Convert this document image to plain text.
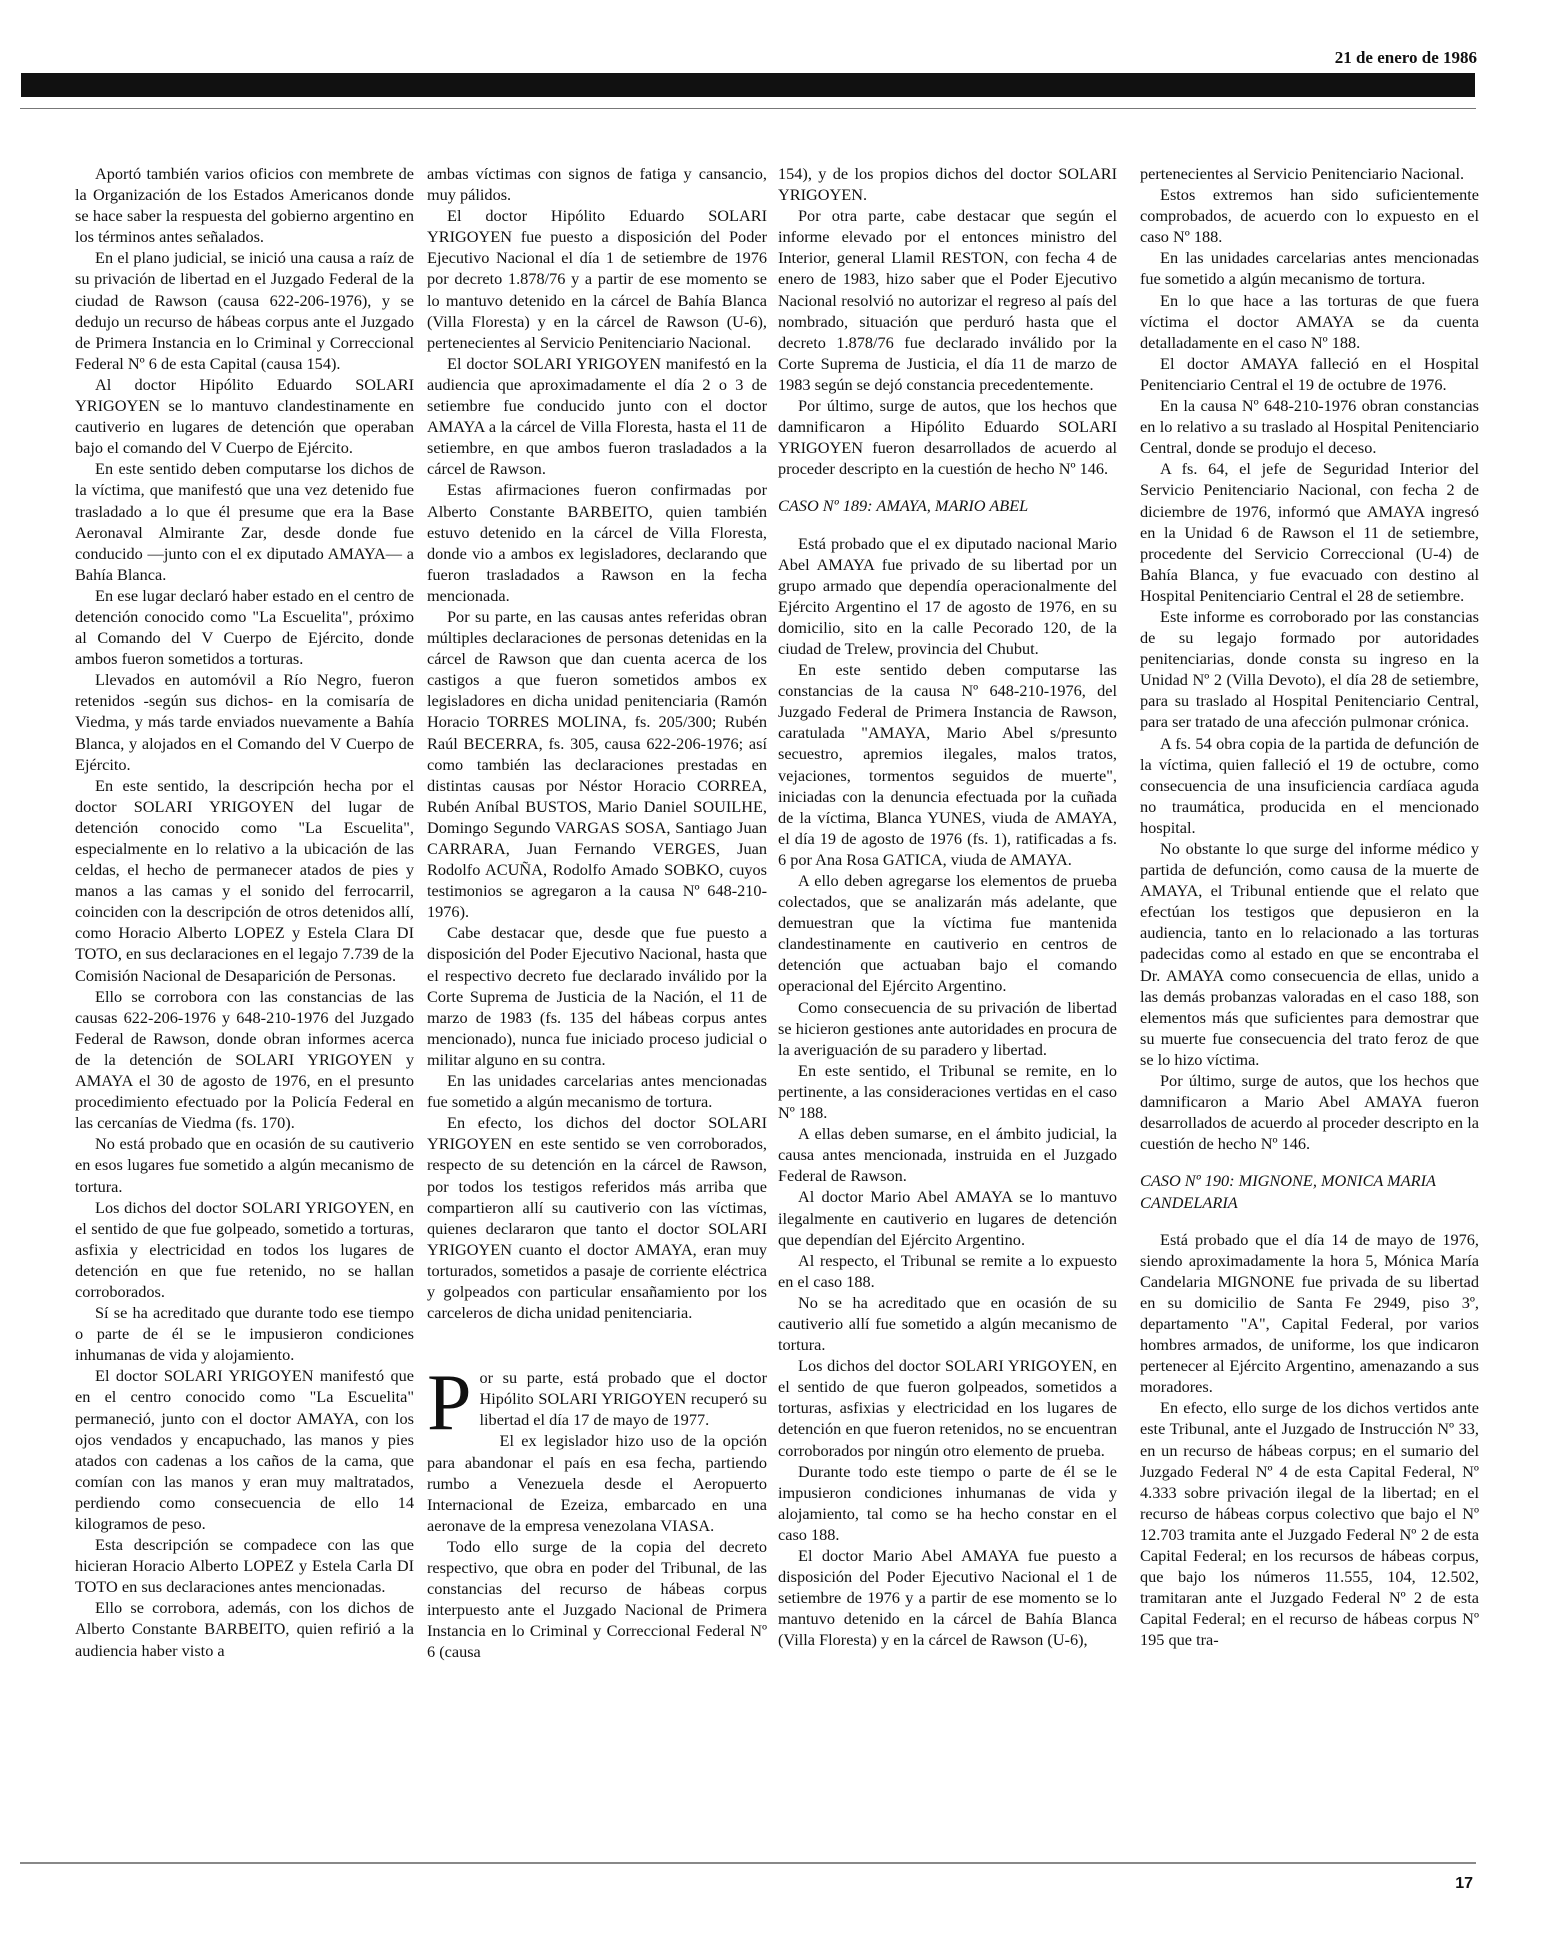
21 de enero de 1986

Aportó también varios oficios con membrete de la Organización de los Estados Americanos donde se hace saber la respuesta del gobierno argentino en los términos antes señalados.

En el plano judicial, se inició una causa a raíz de su privación de libertad en el Juzgado Federal de la ciudad de Rawson (causa 622-206-1976), y se dedujo un recurso de hábeas corpus ante el Juzgado de Primera Instancia en lo Criminal y Correccional Federal Nº 6 de esta Capital (causa 154).

Al doctor Hipólito Eduardo SOLARI YRIGOYEN se lo mantuvo clandestinamente en cautiverio en lugares de detención que operaban bajo el comando del V Cuerpo de Ejército.

En este sentido deben computarse los dichos de la víctima, que manifestó que una vez detenido fue trasladado a lo que él presume que era la Base Aeronaval Almirante Zar, desde donde fue conducido —junto con el ex diputado AMAYA— a Bahía Blanca.

En ese lugar declaró haber estado en el centro de detención conocido como "La Escuelita", próximo al Comando del V Cuerpo de Ejército, donde ambos fueron sometidos a torturas.

Llevados en automóvil a Río Negro, fueron retenidos -según sus dichos- en la comisaría de Viedma, y más tarde enviados nuevamente a Bahía Blanca, y alojados en el Comando del V Cuerpo de Ejército.

En este sentido, la descripción hecha por el doctor SOLARI YRIGOYEN del lugar de detención conocido como "La Escuelita", especialmente en lo relativo a la ubicación de las celdas, el hecho de permanecer atados de pies y manos a las camas y el sonido del ferrocarril, coinciden con la descripción de otros detenidos allí, como Horacio Alberto LOPEZ y Estela Clara DI TOTO, en sus declaraciones en el legajo 7.739 de la Comisión Nacional de Desaparición de Personas.

Ello se corrobora con las constancias de las causas 622-206-1976 y 648-210-1976 del Juzgado Federal de Rawson, donde obran informes acerca de la detención de SOLARI YRIGOYEN y AMAYA el 30 de agosto de 1976, en el presunto procedimiento efectuado por la Policía Federal en las cercanías de Viedma (fs. 170).

No está probado que en ocasión de su cautiverio en esos lugares fue sometido a algún mecanismo de tortura.

Los dichos del doctor SOLARI YRIGOYEN, en el sentido de que fue golpeado, sometido a torturas, asfixia y electricidad en todos los lugares de detención en que fue retenido, no se hallan corroborados.

Sí se ha acreditado que durante todo ese tiempo o parte de él se le impusieron condiciones inhumanas de vida y alojamiento.

El doctor SOLARI YRIGOYEN manifestó que en el centro conocido como "La Escuelita" permaneció, junto con el doctor AMAYA, con los ojos vendados y encapuchado, las manos y pies atados con cadenas a los caños de la cama, que comían con las manos y eran muy maltratados, perdiendo como consecuencia de ello 14 kilogramos de peso.

Esta descripción se compadece con las que hicieran Horacio Alberto LOPEZ y Estela Carla DI TOTO en sus declaraciones antes mencionadas.

Ello se corrobora, además, con los dichos de Alberto Constante BARBEITO, quien refirió a la audiencia haber visto a

ambas víctimas con signos de fatiga y cansancio, muy pálidos.

El doctor Hipólito Eduardo SOLARI YRIGOYEN fue puesto a disposición del Poder Ejecutivo Nacional el día 1 de setiembre de 1976 por decreto 1.878/76 y a partir de ese momento se lo mantuvo detenido en la cárcel de Bahía Blanca (Villa Floresta) y en la cárcel de Rawson (U-6), pertenecientes al Servicio Penitenciario Nacional.

El doctor SOLARI YRIGOYEN manifestó en la audiencia que aproximadamente el día 2 o 3 de setiembre fue conducido junto con el doctor AMAYA a la cárcel de Villa Floresta, hasta el 11 de setiembre, en que ambos fueron trasladados a la cárcel de Rawson.

Estas afirmaciones fueron confirmadas por Alberto Constante BARBEITO, quien también estuvo detenido en la cárcel de Villa Floresta, donde vio a ambos ex legisladores, declarando que fueron trasladados a Rawson en la fecha mencionada.

Por su parte, en las causas antes referidas obran múltiples declaraciones de personas detenidas en la cárcel de Rawson que dan cuenta acerca de los castigos a que fueron sometidos ambos ex legisladores en dicha unidad penitenciaria (Ramón Horacio TORRES MOLINA, fs. 205/300; Rubén Raúl BECERRA, fs. 305, causa 622-206-1976; así como también las declaraciones prestadas en distintas causas por Néstor Horacio CORREA, Rubén Aníbal BUSTOS, Mario Daniel SOUILHE, Domingo Segundo VARGAS SOSA, Santiago Juan CARRARA, Juan Fernando VERGES, Juan Rodolfo ACUÑA, Rodolfo Amado SOBKO, cuyos testimonios se agregaron a la causa Nº 648-210-1976).

Cabe destacar que, desde que fue puesto a disposición del Poder Ejecutivo Nacional, hasta que el respectivo decreto fue declarado inválido por la Corte Suprema de Justicia de la Nación, el 11 de marzo de 1983 (fs. 135 del hábeas corpus antes mencionado), nunca fue iniciado proceso judicial o militar alguno en su contra.

En las unidades carcelarias antes mencionadas fue sometido a algún mecanismo de tortura.

En efecto, los dichos del doctor SOLARI YRIGOYEN en este sentido se ven corroborados, respecto de su detención en la cárcel de Rawson, por todos los testigos referidos más arriba que compartieron allí su cautiverio con las víctimas, quienes declararon que tanto el doctor SOLARI YRIGOYEN cuanto el doctor AMAYA, eran muy torturados, sometidos a pasaje de corriente eléctrica y golpeados con particular ensañamiento por los carceleros de dicha unidad penitenciaria.

P or su parte, está probado que el doctor Hipólito SOLARI YRIGOYEN recuperó su libertad el día 17 de mayo de 1977.

El ex legislador hizo uso de la opción para abandonar el país en esa fecha, partiendo rumbo a Venezuela desde el Aeropuerto Internacional de Ezeiza, embarcado en una aeronave de la empresa venezolana VIASA.

Todo ello surge de la copia del decreto respectivo, que obra en poder del Tribunal, de las constancias del recurso de hábeas corpus interpuesto ante el Juzgado Nacional de Primera Instancia en lo Criminal y Correccional Federal Nº 6 (causa

154), y de los propios dichos del doctor SOLARI YRIGOYEN.

Por otra parte, cabe destacar que según el informe elevado por el entonces ministro del Interior, general Llamil RESTON, con fecha 4 de enero de 1983, hizo saber que el Poder Ejecutivo Nacional resolvió no autorizar el regreso al país del nombrado, situación que perduró hasta que el decreto 1.878/76 fue declarado inválido por la Corte Suprema de Justicia, el día 11 de marzo de 1983 según se dejó constancia precedentemente.

Por último, surge de autos, que los hechos que damnificaron a Hipólito Eduardo SOLARI YRIGOYEN fueron desarrollados de acuerdo al proceder descripto en la cuestión de hecho Nº 146.

CASO Nº 189: AMAYA, MARIO ABEL

Está probado que el ex diputado nacional Mario Abel AMAYA fue privado de su libertad por un grupo armado que dependía operacionalmente del Ejército Argentino el 17 de agosto de 1976, en su domicilio, sito en la calle Pecorado 120, de la ciudad de Trelew, provincia del Chubut.

En este sentido deben computarse las constancias de la causa Nº 648-210-1976, del Juzgado Federal de Primera Instancia de Rawson, caratulada "AMAYA, Mario Abel s/presunto secuestro, apremios ilegales, malos tratos, vejaciones, tormentos seguidos de muerte", iniciadas con la denuncia efectuada por la cuñada de la víctima, Blanca YUNES, viuda de AMAYA, el día 19 de agosto de 1976 (fs. 1), ratificadas a fs. 6 por Ana Rosa GATICA, viuda de AMAYA.

A ello deben agregarse los elementos de prueba colectados, que se analizarán más adelante, que demuestran que la víctima fue mantenida clandestinamente en cautiverio en centros de detención que actuaban bajo el comando operacional del Ejército Argentino.

Como consecuencia de su privación de libertad se hicieron gestiones ante autoridades en procura de la averiguación de su paradero y libertad.

En este sentido, el Tribunal se remite, en lo pertinente, a las consideraciones vertidas en el caso Nº 188.

A ellas deben sumarse, en el ámbito judicial, la causa antes mencionada, instruida en el Juzgado Federal de Rawson.

Al doctor Mario Abel AMAYA se lo mantuvo ilegalmente en cautiverio en lugares de detención que dependían del Ejército Argentino.

Al respecto, el Tribunal se remite a lo expuesto en el caso 188.

No se ha acreditado que en ocasión de su cautiverio allí fue sometido a algún mecanismo de tortura.

Los dichos del doctor SOLARI YRIGOYEN, en el sentido de que fueron golpeados, sometidos a torturas, asfixias y electricidad en los lugares de detención en que fueron retenidos, no se encuentran corroborados por ningún otro elemento de prueba.

Durante todo este tiempo o parte de él se le impusieron condiciones inhumanas de vida y alojamiento, tal como se ha hecho constar en el caso 188.

El doctor Mario Abel AMAYA fue puesto a disposición del Poder Ejecutivo Nacional el 1 de setiembre de 1976 y a partir de ese momento se lo mantuvo detenido en la cárcel de Bahía Blanca (Villa Floresta) y en la cárcel de Rawson (U-6),

pertenecientes al Servicio Penitenciario Nacional.

Estos extremos han sido suficientemente comprobados, de acuerdo con lo expuesto en el caso Nº 188.

En las unidades carcelarias antes mencionadas fue sometido a algún mecanismo de tortura.

En lo que hace a las torturas de que fuera víctima el doctor AMAYA se da cuenta detalladamente en el caso Nº 188.

El doctor AMAYA falleció en el Hospital Penitenciario Central el 19 de octubre de 1976.

En la causa Nº 648-210-1976 obran constancias en lo relativo a su traslado al Hospital Penitenciario Central, donde se produjo el deceso.

A fs. 64, el jefe de Seguridad Interior del Servicio Penitenciario Nacional, con fecha 2 de diciembre de 1976, informó que AMAYA ingresó en la Unidad 6 de Rawson el 11 de setiembre, procedente del Servicio Correccional (U-4) de Bahía Blanca, y fue evacuado con destino al Hospital Penitenciario Central el 28 de setiembre.

Este informe es corroborado por las constancias de su legajo formado por autoridades penitenciarias, donde consta su ingreso en la Unidad Nº 2 (Villa Devoto), el día 28 de setiembre, para su traslado al Hospital Penitenciario Central, para ser tratado de una afección pulmonar crónica.

A fs. 54 obra copia de la partida de defunción de la víctima, quien falleció el 19 de octubre, como consecuencia de una insuficiencia cardíaca aguda no traumática, producida en el mencionado hospital.

No obstante lo que surge del informe médico y partida de defunción, como causa de la muerte de AMAYA, el Tribunal entiende que el relato que efectúan los testigos que depusieron en la audiencia, tanto en lo relacionado a las torturas padecidas como al estado en que se encontraba el Dr. AMAYA como consecuencia de ellas, unido a las demás probanzas valoradas en el caso 188, son elementos más que suficientes para demostrar que su muerte fue consecuencia del trato feroz de que se lo hizo víctima.

Por último, surge de autos, que los hechos que damnificaron a Mario Abel AMAYA fueron desarrollados de acuerdo al proceder descripto en la cuestión de hecho Nº 146.

CASO Nº 190: MIGNONE, MONICA MARIA CANDELARIA

Está probado que el día 14 de mayo de 1976, siendo aproximadamente la hora 5, Mónica María Candelaria MIGNONE fue privada de su libertad en su domicilio de Santa Fe 2949, piso 3º, departamento "A", Capital Federal, por varios hombres armados, de uniforme, los que indicaron pertenecer al Ejército Argentino, amenazando a sus moradores.

En efecto, ello surge de los dichos vertidos ante este Tribunal, ante el Juzgado de Instrucción Nº 33, en un recurso de hábeas corpus; en el sumario del Juzgado Federal Nº 4 de esta Capital Federal, Nº 4.333 sobre privación ilegal de la libertad; en el recurso de hábeas corpus colectivo que bajo el Nº 12.703 tramita ante el Juzgado Federal Nº 2 de esta Capital Federal; en los recursos de hábeas corpus, que bajo los números 11.555, 104, 12.502, tramitaran ante el Juzgado Federal Nº 2 de esta Capital Federal; en el recurso de hábeas corpus Nº 195 que tra-

17
